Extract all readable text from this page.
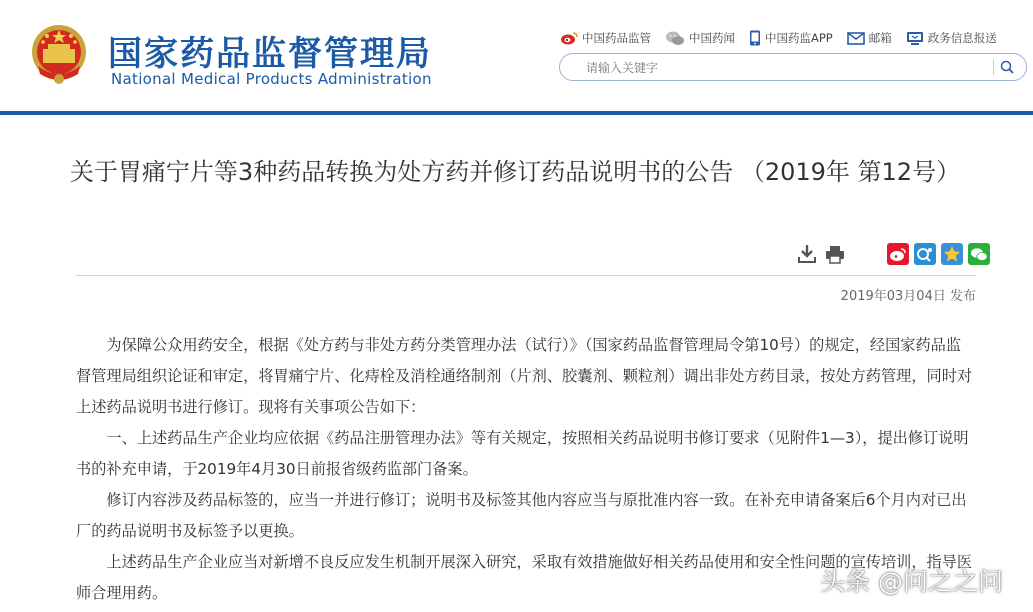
国家药品监督管理局
National Medical Products Administration
中国药品监管	中国药闻	中国药监APP	邮箱	政务信息报送
请输入关键字
关于胃痛宁片等3种药品转换为处方药并修订药品说明书的公告 （2019年 第12号）
2019年03月04日 发布

为保障公众用药安全，根据《处方药与非处方药分类管理办法（试行）》（国家药品监督管理局令第10号）的规定，经国家药品监督管理局组织论证和审定，将胃痛宁片、化痔栓及消栓通络制剂（片剂、胶囊剂、颗粒剂）调出非处方药目录，按处方药管理，同时对上述药品说明书进行修订。现将有关事项公告如下：

一、上述药品生产企业均应依据《药品注册管理办法》等有关规定，按照相关药品说明书修订要求（见附件1—3），提出修订说明书的补充申请，于2019年4月30日前报省级药监部门备案。

修订内容涉及药品标签的，应当一并进行修订；说明书及标签其他内容应当与原批准内容一致。在补充申请备案后6个月内对已出厂的药品说明书及标签予以更换。

上述药品生产企业应当对新增不良反应发生机制开展深入研究，采取有效措施做好相关药品使用和安全性问题的宣传培训，指导医师合理用药。	头条 @问之之问
